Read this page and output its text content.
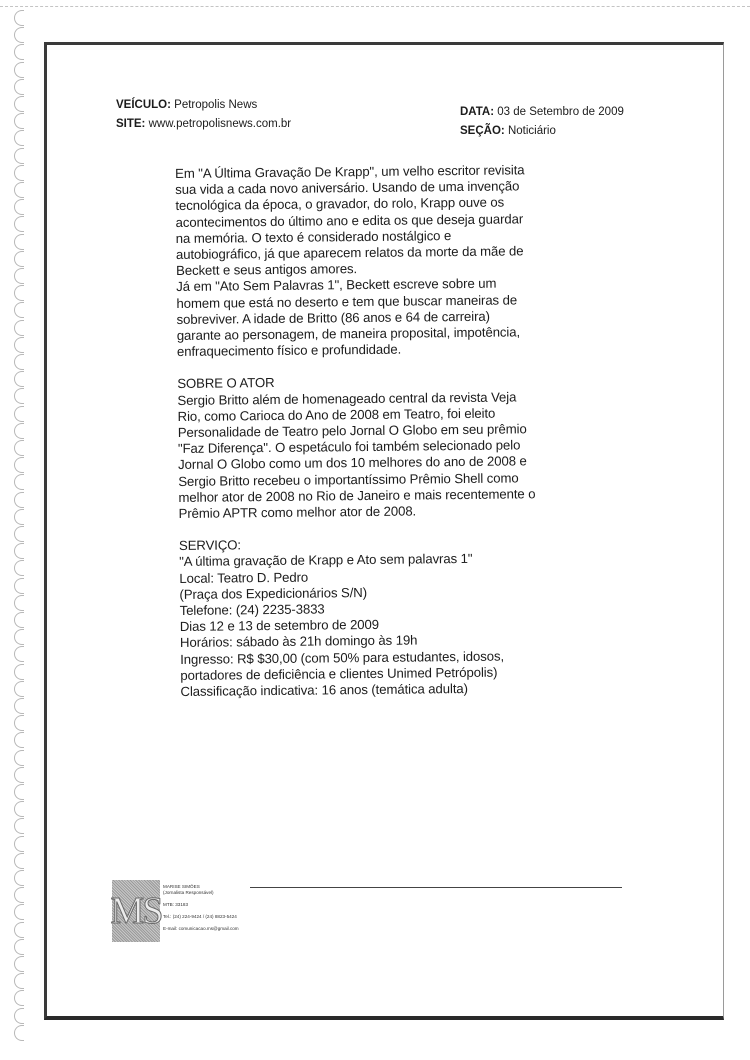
VEÍCULO: Petropolis News
SITE: www.petropolisnews.com.br
DATA: 03 de Setembro de 2009
SEÇÃO: Noticiário
Em "A Última Gravação De Krapp", um velho escritor revisita
sua vida a cada novo aniversário. Usando de uma invenção
tecnológica da época, o gravador, do rolo, Krapp ouve os
acontecimentos do último ano e edita os que deseja guardar
na memória. O texto é considerado nostálgico e
autobiográfico, já que aparecem relatos da morte da mãe de
Beckett e seus antigos amores.
Já em "Ato Sem Palavras 1", Beckett escreve sobre um
homem que está no deserto e tem que buscar maneiras de
sobreviver. A idade de Britto (86 anos e 64 de carreira)
garante ao personagem, de maneira proposital, impotência,
enfraquecimento físico e profundidade.
SOBRE O ATOR
Sergio Britto além de homenageado central da revista Veja
Rio, como Carioca do Ano de 2008 em Teatro, foi eleito
Personalidade de Teatro pelo Jornal O Globo em seu prêmio
"Faz Diferença". O espetáculo foi também selecionado pelo
Jornal O Globo como um dos 10 melhores do ano de 2008 e
Sergio Britto recebeu o importantíssimo Prêmio Shell como
melhor ator de 2008 no Rio de Janeiro e mais recentemente o
Prêmio APTR como melhor ator de 2008.
SERVIÇO:
"A última gravação de Krapp e Ato sem palavras 1"
Local: Teatro D. Pedro
(Praça dos Expedicionários S/N)
Telefone: (24) 2235-3833
Dias 12 e 13 de setembro de 2009
Horários: sábado às 21h domingo às 19h
Ingresso: R$ $30,00 (com 50% para estudantes, idosos,
portadores de deficiência e clientes Unimed Petrópolis)
Classificação indicativa: 16 anos (temática adulta)
MS
MARISE SIMÕES
(Jornalista Responsável)
MTB: 33183
Tel.: (24) 224-9424 / (24) 8823-5424
E-mail: comunicacao.ms@gmail.com
